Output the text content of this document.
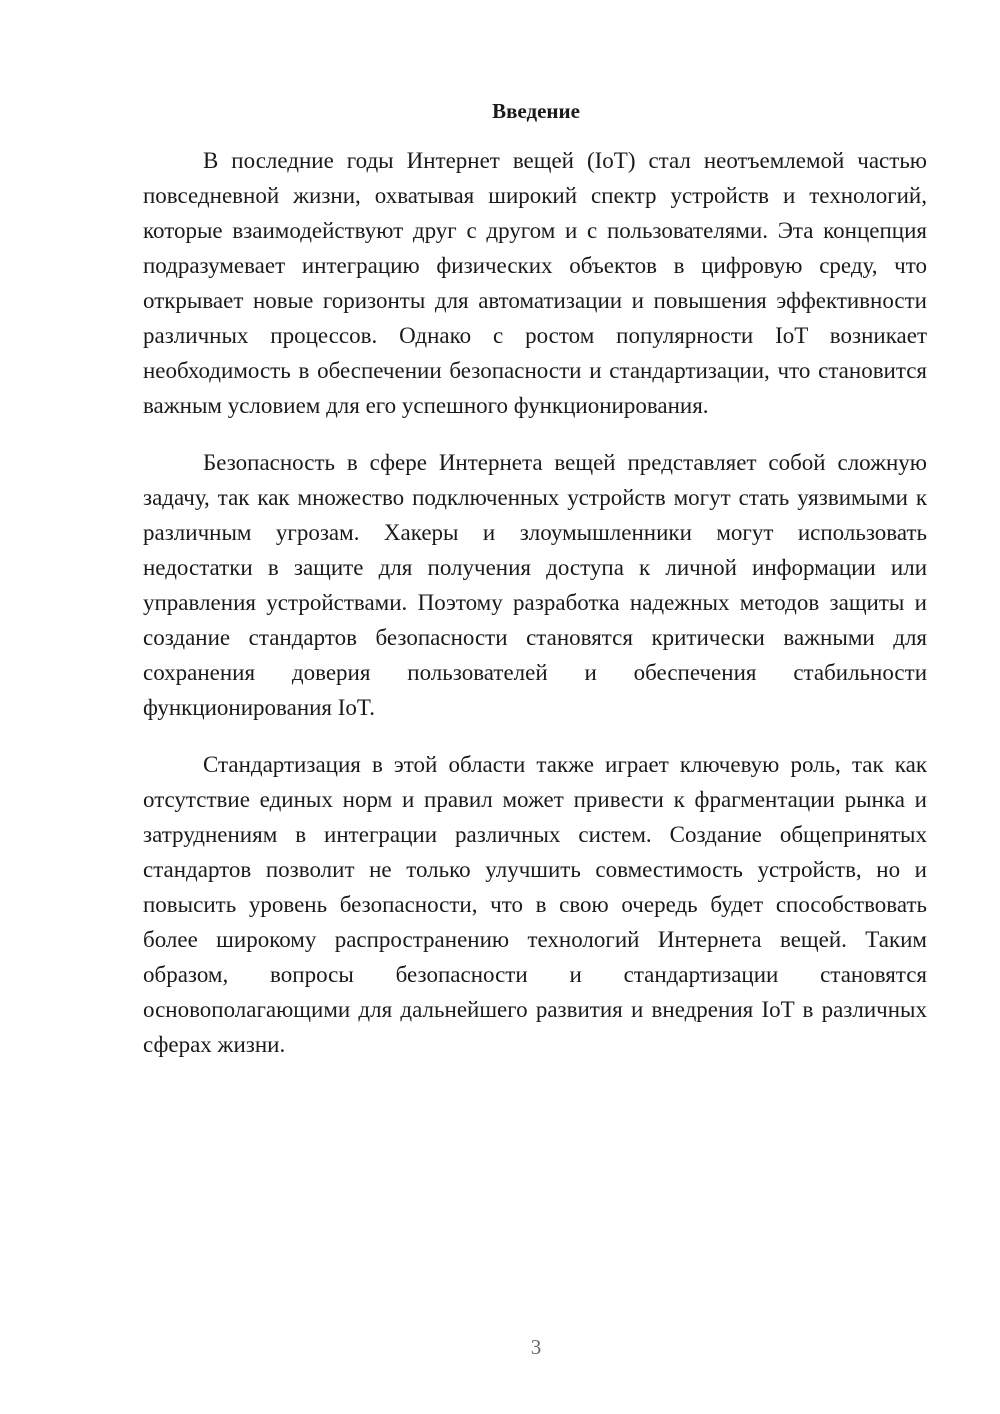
Введение

В последние годы Интернет вещей (IoT) стал неотъемлемой частью повседневной жизни, охватывая широкий спектр устройств и технологий, которые взаимодействуют друг с другом и с пользователями. Эта концепция подразумевает интеграцию физических объектов в цифровую среду, что открывает новые горизонты для автоматизации и повышения эффективности различных процессов. Однако с ростом популярности IoT возникает необходимость в обеспечении безопасности и стандартизации, что становится важным условием для его успешного функционирования.

Безопасность в сфере Интернета вещей представляет собой сложную задачу, так как множество подключенных устройств могут стать уязвимыми к различным угрозам. Хакеры и злоумышленники могут использовать недостатки в защите для получения доступа к личной информации или управления устройствами. Поэтому разработка надежных методов защиты и создание стандартов безопасности становятся критически важными для сохранения доверия пользователей и обеспечения стабильности функционирования IoT.

Стандартизация в этой области также играет ключевую роль, так как отсутствие единых норм и правил может привести к фрагментации рынка и затруднениям в интеграции различных систем. Создание общепринятых стандартов позволит не только улучшить совместимость устройств, но и повысить уровень безопасности, что в свою очередь будет способствовать более широкому распространению технологий Интернета вещей. Таким образом, вопросы безопасности и стандартизации становятся основополагающими для дальнейшего развития и внедрения IoT в различных сферах жизни.

3
